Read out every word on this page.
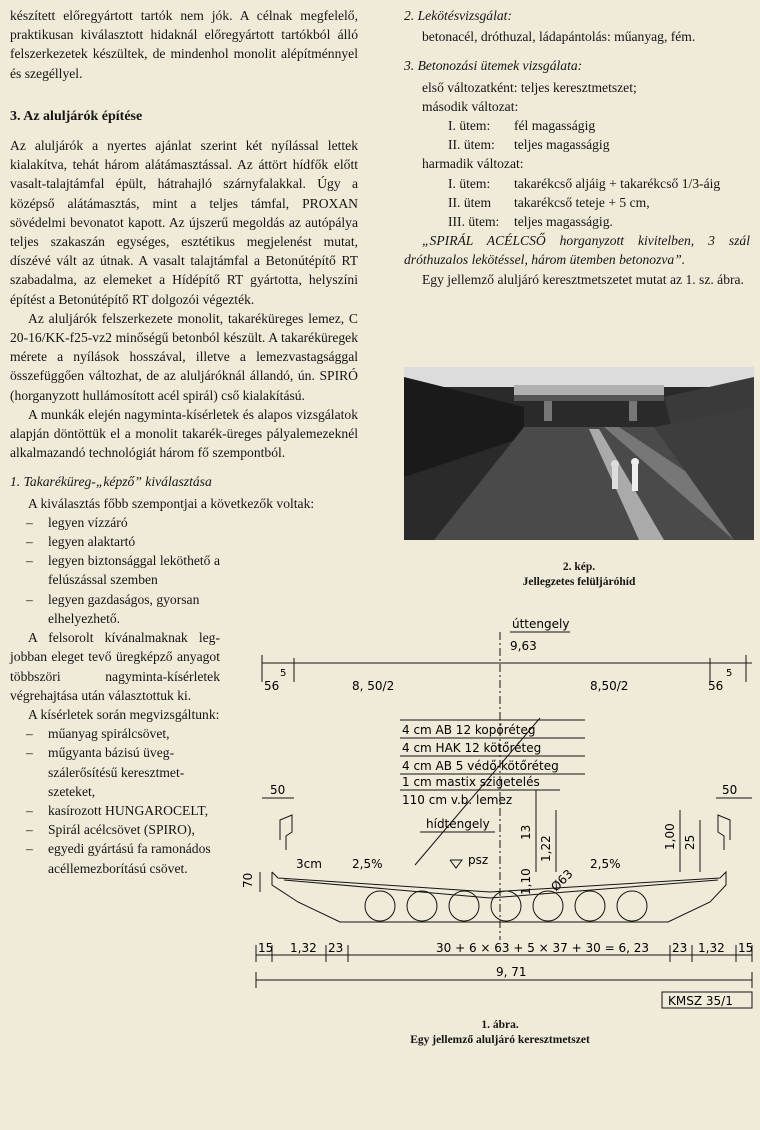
készített előregyártott tartók nem jók. A célnak megfelelő, praktikusan kiválasztott hidaknál előregyártott tartókból álló felszerkezetek készültek, de mindenhol monolit alépítménnyel és szegéllyel.

3. Az aluljárók építése

Az aluljárók a nyertes ajánlat szerint két nyílással lettek kialakítva, tehát három alátámasztással. Az áttört hídfők előtt vasalt-talajtámfal épült, hátrahajló szárnyfalakkal. Úgy a középső alátámasztás, mint a teljes támfal, PROXAN sövédelmi bevonatot kapott. Az újszerű megoldás az autópálya teljes szakaszán egységes, esztétikus megjelenést mutat, díszévé vált az útnak. A vasalt talajtámfal a Betonútépítő RT szabadalma, az elemeket a Hídépítő RT gyártotta, helyszíni építést a Betonútépítő RT dolgozói végezték.

Az aluljárók felszerkezete monolit, takaréküreges lemez, C 20-16/KK-f25-vz2 minőségű betonból készült. A takaréküregek mérete a nyílások hosszával, illetve a lemezvastagsággal összefüggően változhat, de az aluljáróknál állandó, ún. SPIRÓ (horganyzott hullámosított acél spirál) cső kialakítású.

A munkák elején nagyminta-kísérletek és alapos vizsgálatok alapján döntöttük el a monolit takarék-üreges pályalemezeknél alkalmazandó technológiát három fő szempontból.

1. Takaréküreg-„képző” kiválasztása

A kiválasztás főbb szempontjai a következők voltak:

– legyen vízzáró
– legyen alaktartó
– legyen biztonsággal leköthető a felúszással szemben
– legyen gazdaságos, gyorsan elhelyezhető.

A felsorolt kívánalmaknak legjobban eleget tevő üregképző anyagot többszöri nagyminta-kísérletek végrehajtása után választottuk ki.

A kísérletek során megvizsgáltunk:

– műanyag spirálcsövet,
– műgyanta bázisú üvegszálerősítésű keresztmetszeteket,
– kasírozott HUNGAROCELT,
– Spirál acélcsövet (SPIRO),
– egyedi gyártású fa ramonádos acéllemezborítású csövet.
2. Lekötésvizsgálat:
betonacél, dróthuzal, ládapántolás: műanyag, fém.
3. Betonozási ütemek vizsgálata:
első változatként: teljes keresztmetszet;
második változat:
I. ütem: fél magasságig
II. ütem: teljes magasságig
harmadik változat:
I. ütem: takarékcső aljáig + takarékcső 1/3-áig
II. ütem takarékcső teteje + 5 cm,
III. ütem: teljes magasságig.

„SPIRÁL ACÉLCSŐ horganyzott kivitelben, 3 szál dróthuzalos lekötéssel, három ütemben betonozva”.

Egy jellemző aluljáró keresztmetszetet mutat az 1. sz. ábra.

2. kép.
Jellegzetes felüljáróhíd
úttengely
9,63
8, 50/2	8,50/2
56
5
56
5
4 cm AB 12 kopóréteg
4 cm HAK 12 kötőréteg
4 cm AB 5 védő-kötőréteg
1 cm mastix szigetelés
110 cm v.b. lemez
hídtengely
50	50
13
25
1,00
1,22
1,10
3cm
70
2,5%	2,5%
psz
Ø63
15 1,32 23	30 + 6 × 63 + 5 × 37 + 30 = 6, 23 23 1,32 15
9, 71
KMSZ 35/1
1. ábra.
Egy jellemző aluljáró keresztmetszet
